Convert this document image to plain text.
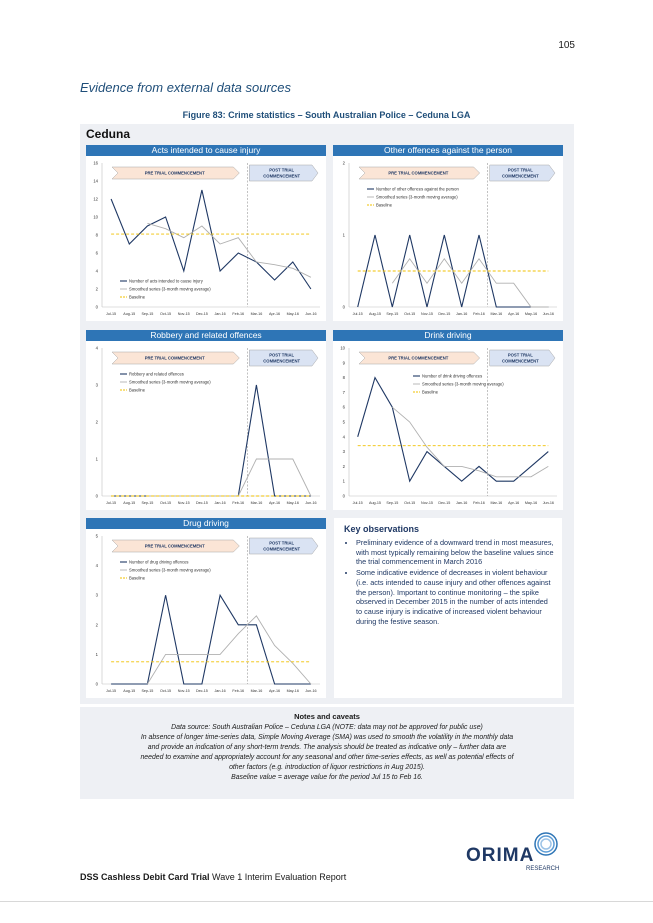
105
Evidence from external data sources
Figure 83: Crime statistics – South Australian Police – Ceduna LGA
Ceduna
Acts intended to cause injury
0
2
4
6
8
10
12
14
16
Jul-15 Aug-15 Sep-15 Oct-15 Nov-15 Dec-15 Jan-16 Feb-16 Mar-16 Apr-16 May-16 Jun-16
PRE TRIAL COMMENCEMENT
POST TRIAL
COMMENCEMENT
Number of acts intended to cause injury
Smoothed series (3-month moving average)
Baseline
Other offences against the person
0
1
2
Jul-15 Aug-15 Sep-15 Oct-15 Nov-15 Dec-15 Jan-16 Feb-16 Mar-16 Apr-16 May-16 Jun-16
PRE TRIAL COMMENCEMENT
POST TRIAL
COMMENCEMENT
Number of other offences against the person
Smoothed series (3-month moving average)
Baseline
Robbery and related offences
0
1
2
3
4
Jul-15 Aug-15 Sep-15 Oct-15 Nov-15 Dec-15 Jan-16 Feb-16 Mar-16 Apr-16 May-16 Jun-16
PRE TRIAL COMMENCEMENT
POST TRIAL
COMMENCEMENT
Robbery and related offences
Smoothed series (3-month moving average)
Baseline
Drink driving
0
1
2
3
4
5
6
7
8
9
10
Jul-15 Aug-15 Sep-15 Oct-15 Nov-15 Dec-15 Jan-16 Feb-16 Mar-16 Apr-16 May-16 Jun-16
PRE TRIAL COMMENCEMENT
POST TRIAL
COMMENCEMENT
Number of drink driving offences
Smoothed series (3-month moving average)
Baseline
Drug driving
0
1
2
3
4
5
Jul-15 Aug-15 Sep-15 Oct-15 Nov-15 Dec-15 Jan-16 Feb-16 Mar-16 Apr-16 May-16 Jun-16
PRE TRIAL COMMENCEMENT
POST TRIAL
COMMENCEMENT
Number of drug driving offences
Smoothed series (3-month moving average)
Baseline
Key observations
• Preliminary evidence of a downward trend in most measures, with most typically remaining below the baseline values since the trial commencement in March 2016
• Some indicative evidence of decreases in violent behaviour (i.e. acts intended to cause injury and other offences against the person). Important to continue monitoring – the spike observed in December 2015 in the number of acts intended to cause injury is indicative of increased violent behaviour during the festive season.
Notes and caveats
Data source: South Australian Police – Ceduna LGA (NOTE: data may not be approved for public use)
In absence of longer time-series data, Simple Moving Average (SMA) was used to smooth the volatility in the monthly data
and provide an indication of any short-term trends. The analysis should be treated as indicative only – further data are
needed to examine and appropriately account for any seasonal and other time-series effects, as well as potential effects of
other factors (e.g. introduction of liquor restrictions in Aug 2015).
Baseline value = average value for the period Jul 15 to Feb 16.
ORIMA
RESEARCH
DSS Cashless Debit Card Trial Wave 1 Interim Evaluation Report
